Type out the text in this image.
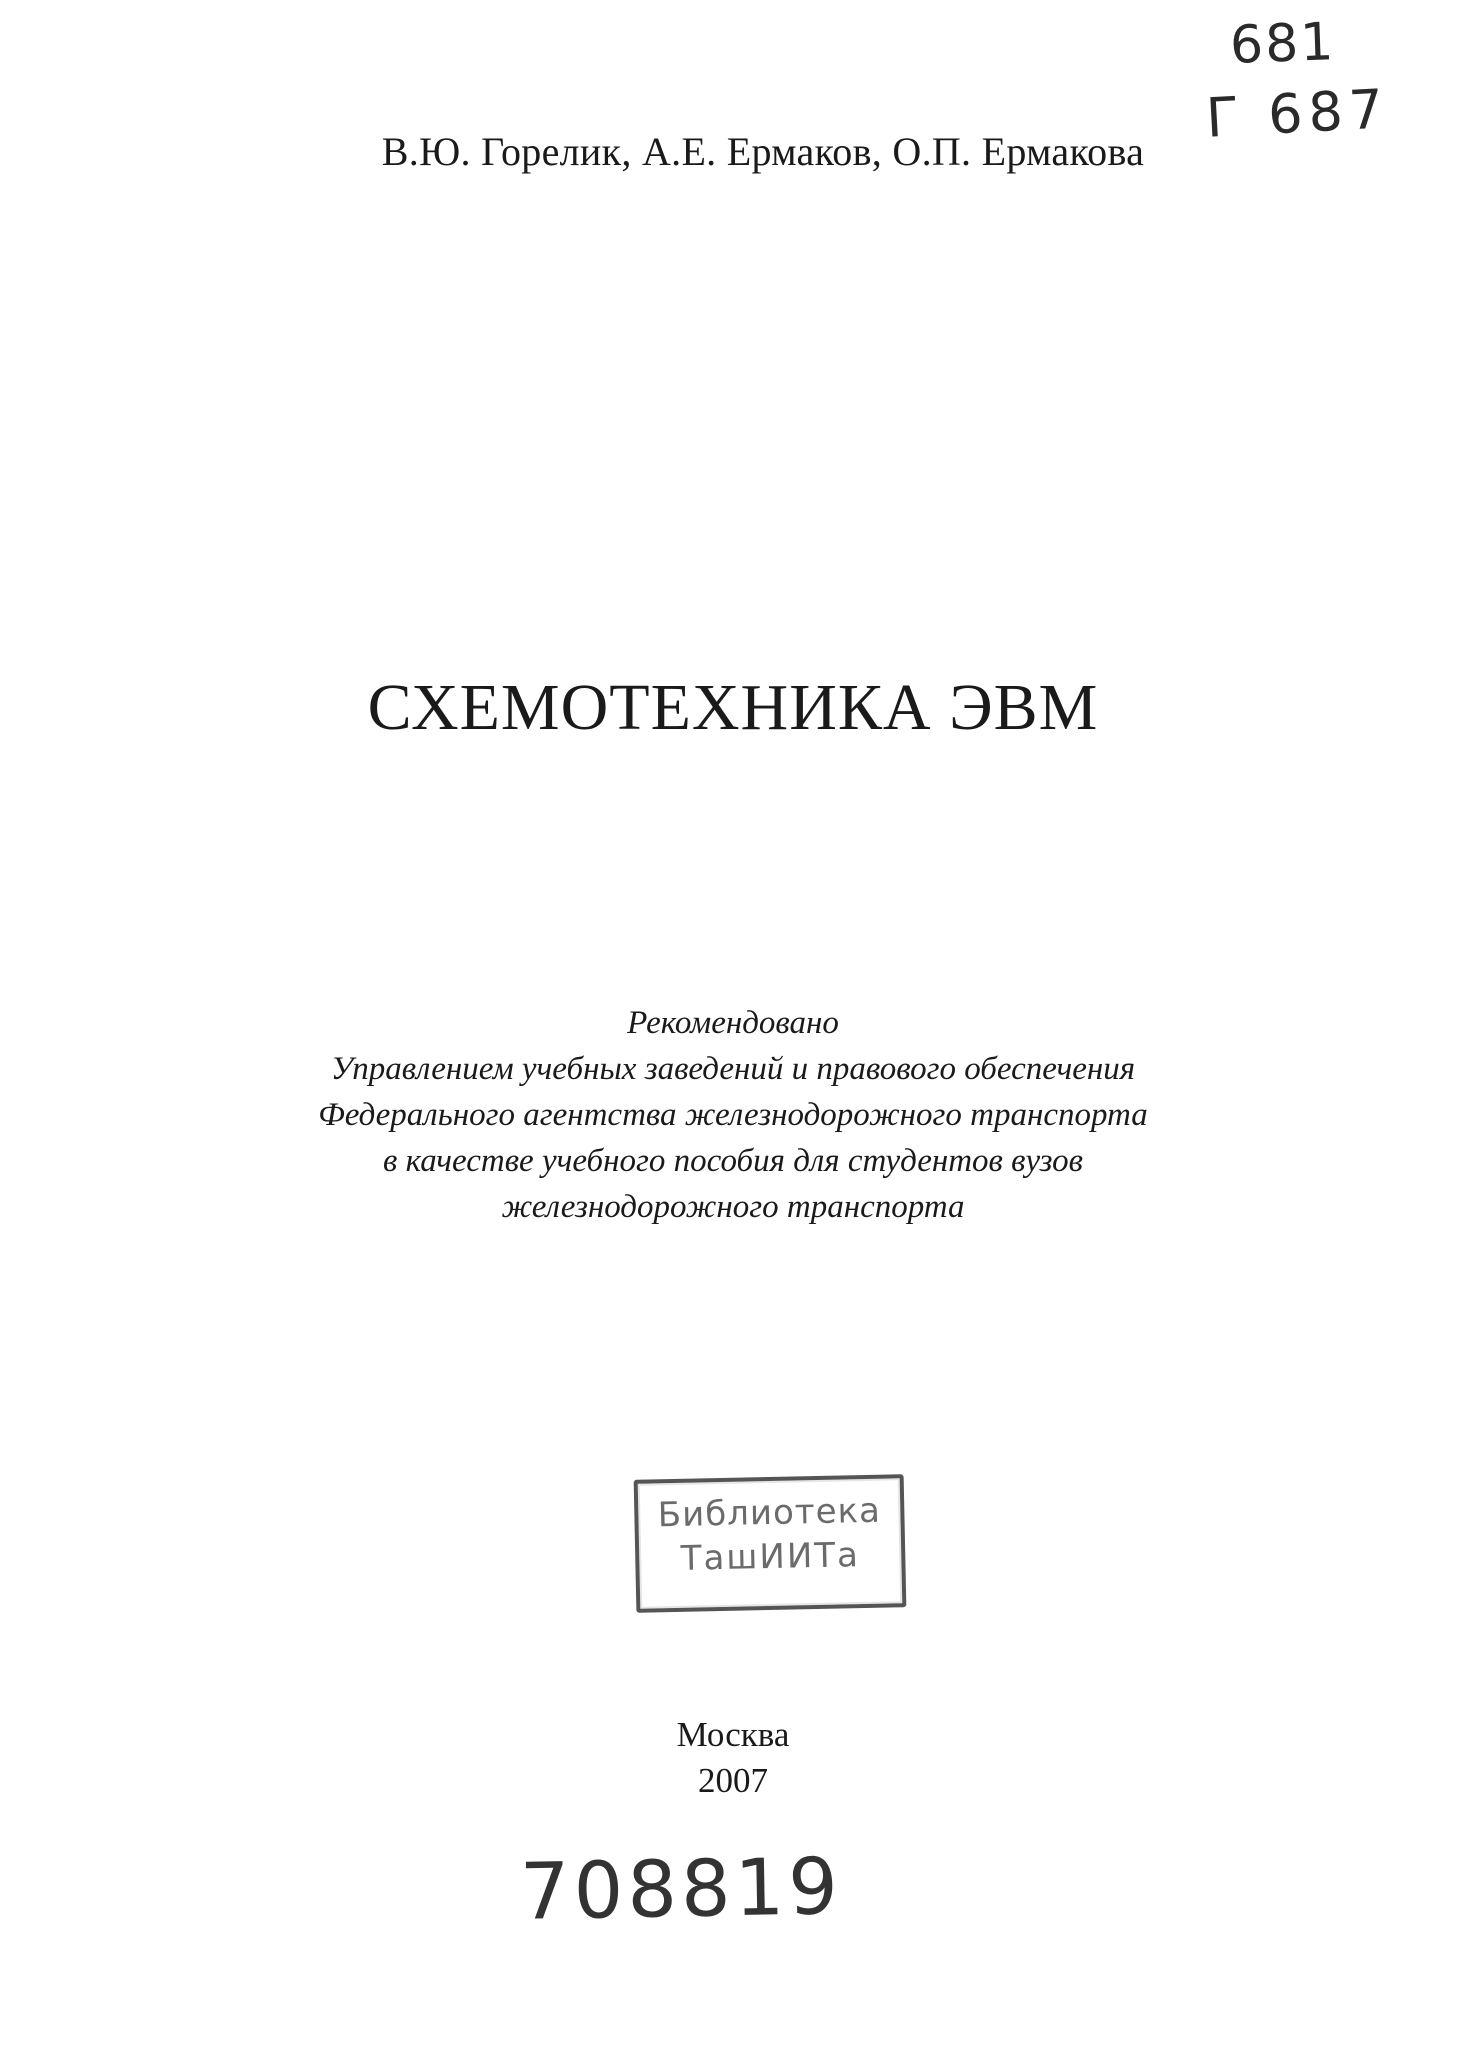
681
Г 687
В.Ю. Горелик, А.Е. Ермаков, О.П. Ермакова
СХЕМОТЕХНИКА ЭВМ
Рекомендовано
Управлением учебных заведений и правового обеспечения
Федерального агентства железнодорожного транспорта
в качестве учебного пособия для студентов вузов
железнодорожного транспорта
Библиотека
ТашИИТа
Москва
2007
708819
